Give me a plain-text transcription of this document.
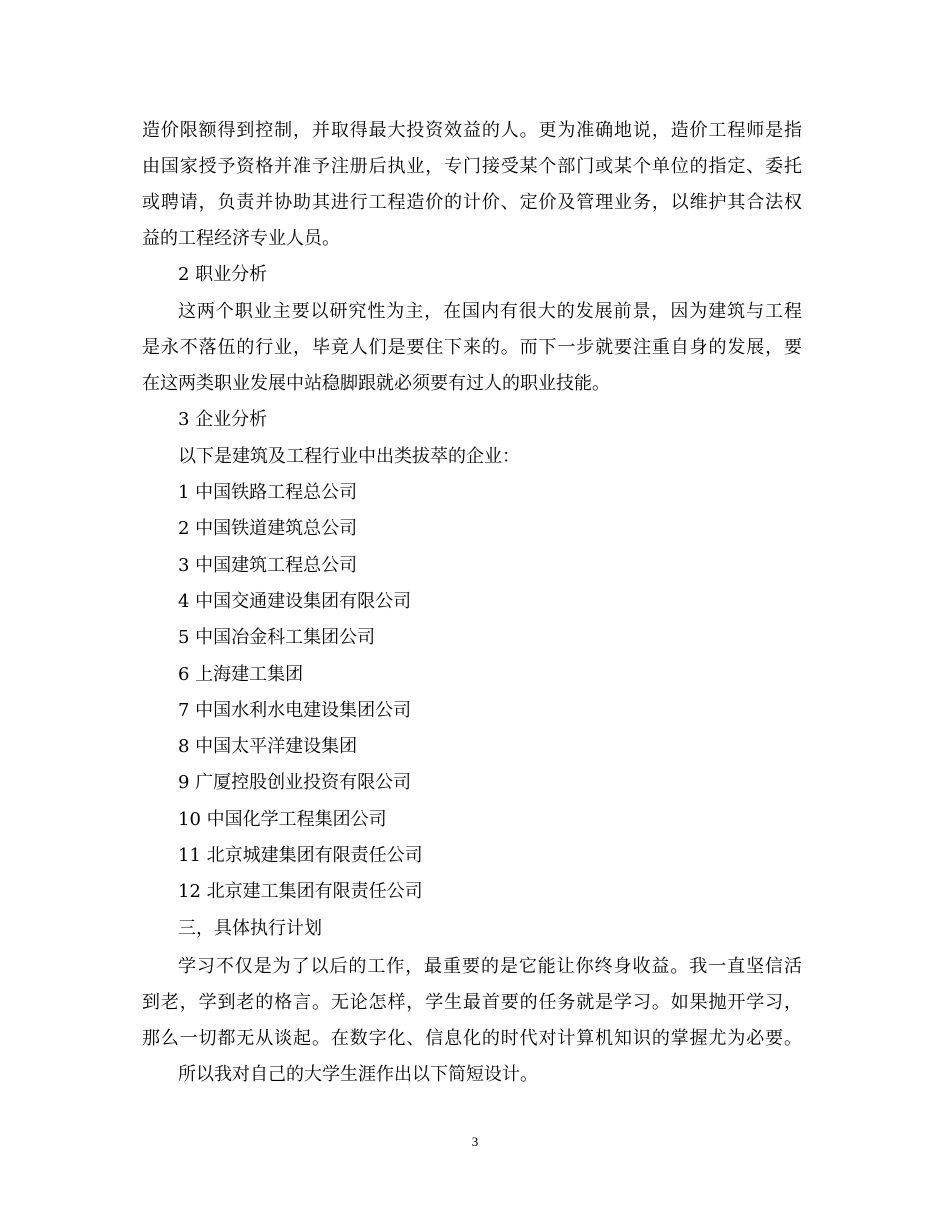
造价限额得到控制，并取得最大投资效益的人。更为准确地说，造价工程师是指
由国家授予资格并准予注册后执业，专门接受某个部门或某个单位的指定、委托
或聘请，负责并协助其进行工程造价的计价、定价及管理业务，以维护其合法权
益的工程经济专业人员。
2 职业分析
这两个职业主要以研究性为主，在国内有很大的发展前景，因为建筑与工程
是永不落伍的行业，毕竟人们是要住下来的。而下一步就要注重自身的发展，要
在这两类职业发展中站稳脚跟就必须要有过人的职业技能。
3 企业分析
以下是建筑及工程行业中出类拔萃的企业：
1 中国铁路工程总公司
2 中国铁道建筑总公司
3 中国建筑工程总公司
4 中国交通建设集团有限公司
5 中国冶金科工集团公司
6 上海建工集团
7 中国水利水电建设集团公司
8 中国太平洋建设集团
9 广厦控股创业投资有限公司
10 中国化学工程集团公司
11 北京城建集团有限责任公司
12 北京建工集团有限责任公司
三，具体执行计划
学习不仅是为了以后的工作，最重要的是它能让你终身收益。我一直坚信活
到老，学到老的格言。无论怎样，学生最首要的任务就是学习。如果抛开学习，
那么一切都无从谈起。在数字化、信息化的时代对计算机知识的掌握尤为必要。
所以我对自己的大学生涯作出以下简短设计。
3
